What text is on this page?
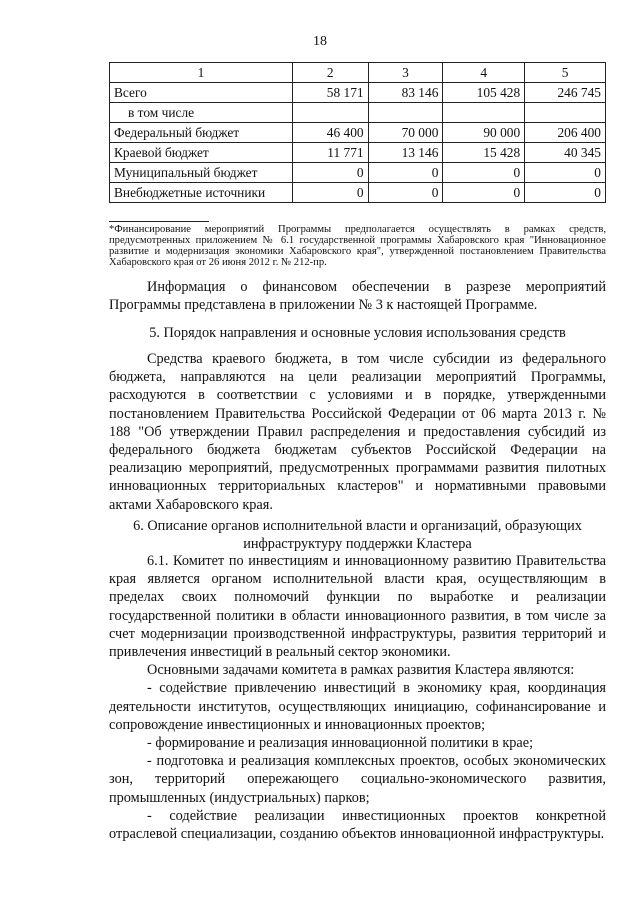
18
1	2	3	4	5
Всего	58 171	83 146	105 428	246 745
в том числе				
Федеральный бюджет	46 400	70 000	90 000	206 400
Краевой бюджет	11 771	13 146	15 428	40 345
Муниципальный бюджет	0	0	0	0
Внебюджетные источники	0	0	0	0
*Финансирование мероприятий Программы предполагается осуществлять в рамках средств, предусмотренных приложением № 6.1 государственной программы Хабаровского края "Инновационное развитие и модернизация экономики Хабаровского края", утвержденной постановлением Правительства Хабаровского края от 26 июня 2012 г. № 212-пр.

Информация о финансовом обеспечении в разрезе мероприятий Программы представлена в приложении № 3 к настоящей Программе.

5. Порядок направления и основные условия использования средств

Средства краевого бюджета, в том числе субсидии из федерального бюджета, направляются на цели реализации мероприятий Программы, расходуются в соответствии с условиями и в порядке, утвержденными постановлением Правительства Российской Федерации от 06 марта 2013 г. № 188 "Об утверждении Правил распределения и предоставления субсидий из федерального бюджета бюджетам субъектов Российской Федерации на реализацию мероприятий, предусмотренных программами развития пилотных инновационных территориальных кластеров" и нормативными правовыми актами Хабаровского края.

6. Описание органов исполнительной власти и организаций, образующих инфраструктуру поддержки Кластера

6.1. Комитет по инвестициям и инновационному развитию Правительства края является органом исполнительной власти края, осуществляющим в пределах своих полномочий функции по выработке и реализации государственной политики в области инновационного развития, в том числе за счет модернизации производственной инфраструктуры, развития территорий и привлечения инвестиций в реальный сектор экономики.

Основными задачами комитета в рамках развития Кластера являются:

- содействие привлечению инвестиций в экономику края, координация деятельности институтов, осуществляющих инициацию, софинансирование и сопровождение инвестиционных и инновационных проектов;

- формирование и реализация инновационной политики в крае;

- подготовка и реализация комплексных проектов, особых экономических зон, территорий опережающего социально-экономического развития, промышленных (индустриальных) парков;

- содействие реализации инвестиционных проектов конкретной отраслевой специализации, созданию объектов инновационной инфраструктуры.
